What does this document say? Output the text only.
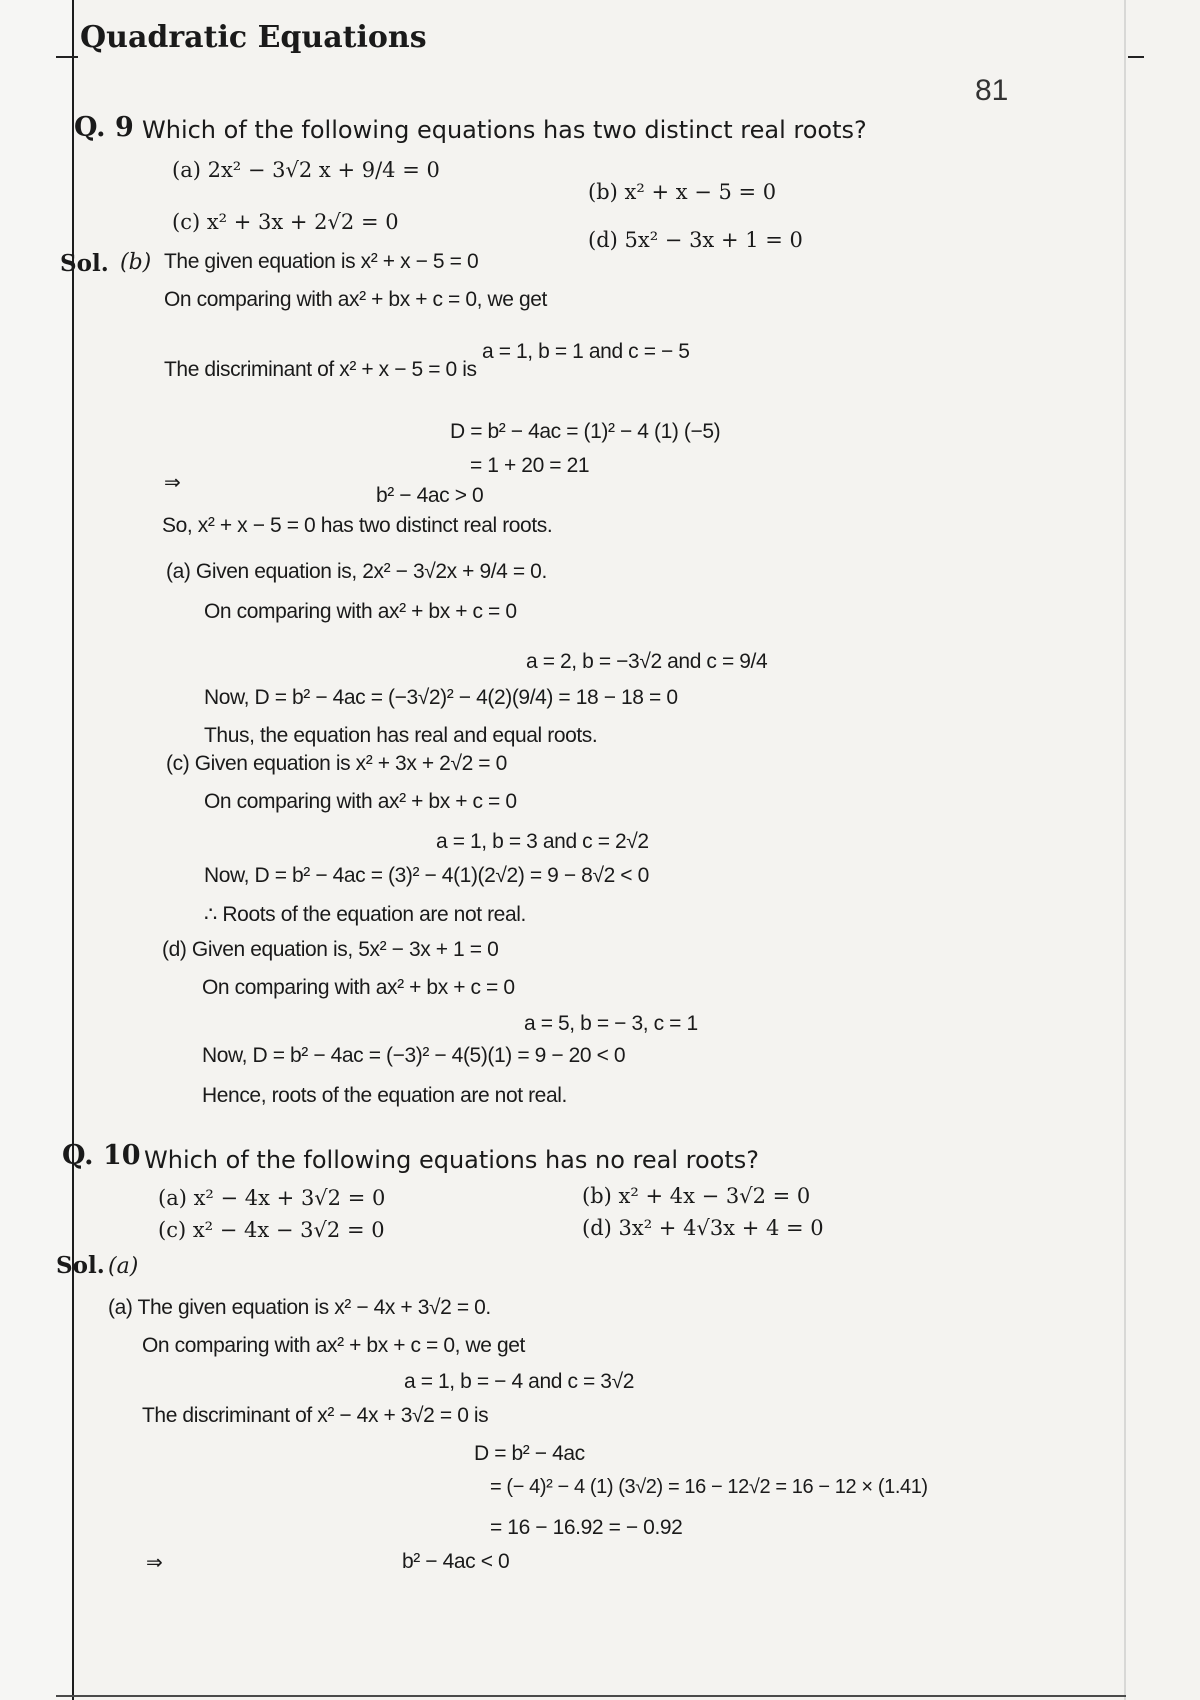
Quadratic Equations
81
Q. 9 Which of the following equations has two distinct real roots?
(a) 2x² − 3√2 x + 9/4 = 0
(b) x² + x − 5 = 0
(c) x² + 3x + 2√2 = 0
(d) 5x² − 3x + 1 = 0
Sol. (b) The given equation is x² + x − 5 = 0
On comparing with ax² + bx + c = 0, we get
a = 1, b = 1 and c = − 5
The discriminant of x² + x − 5 = 0 is
D = b² − 4ac = (1)² − 4 (1) (−5)
= 1 + 20 = 21
⇒
b² − 4ac > 0
So, x² + x − 5 = 0 has two distinct real roots.
(a) Given equation is, 2x² − 3√2x + 9/4 = 0.
On comparing with ax² + bx + c = 0
a = 2, b = −3√2 and c = 9/4
Now, D = b² − 4ac = (−3√2)² − 4(2)(9/4) = 18 − 18 = 0
Thus, the equation has real and equal roots.
(c) Given equation is x² + 3x + 2√2 = 0
On comparing with ax² + bx + c = 0
a = 1, b = 3 and c = 2√2
Now, D = b² − 4ac = (3)² − 4(1)(2√2) = 9 − 8√2 < 0
∴ Roots of the equation are not real.
(d) Given equation is, 5x² − 3x + 1 = 0
On comparing with ax² + bx + c = 0
a = 5, b = − 3, c = 1
Now, D = b² − 4ac = (−3)² − 4(5)(1) = 9 − 20 < 0
Hence, roots of the equation are not real.
Q. 10 Which of the following equations has no real roots?
(a) x² − 4x + 3√2 = 0	(b) x² + 4x − 3√2 = 0
(c) x² − 4x − 3√2 = 0	(d) 3x² + 4√3x + 4 = 0
Sol. (a)
(a) The given equation is x² − 4x + 3√2 = 0.
On comparing with ax² + bx + c = 0, we get
a = 1, b = − 4 and c = 3√2
The discriminant of x² − 4x + 3√2 = 0 is
D = b² − 4ac
= (− 4)² − 4 (1) (3√2) = 16 − 12√2 = 16 − 12 × (1.41)
= 16 − 16.92 = − 0.92
⇒	b² − 4ac < 0
